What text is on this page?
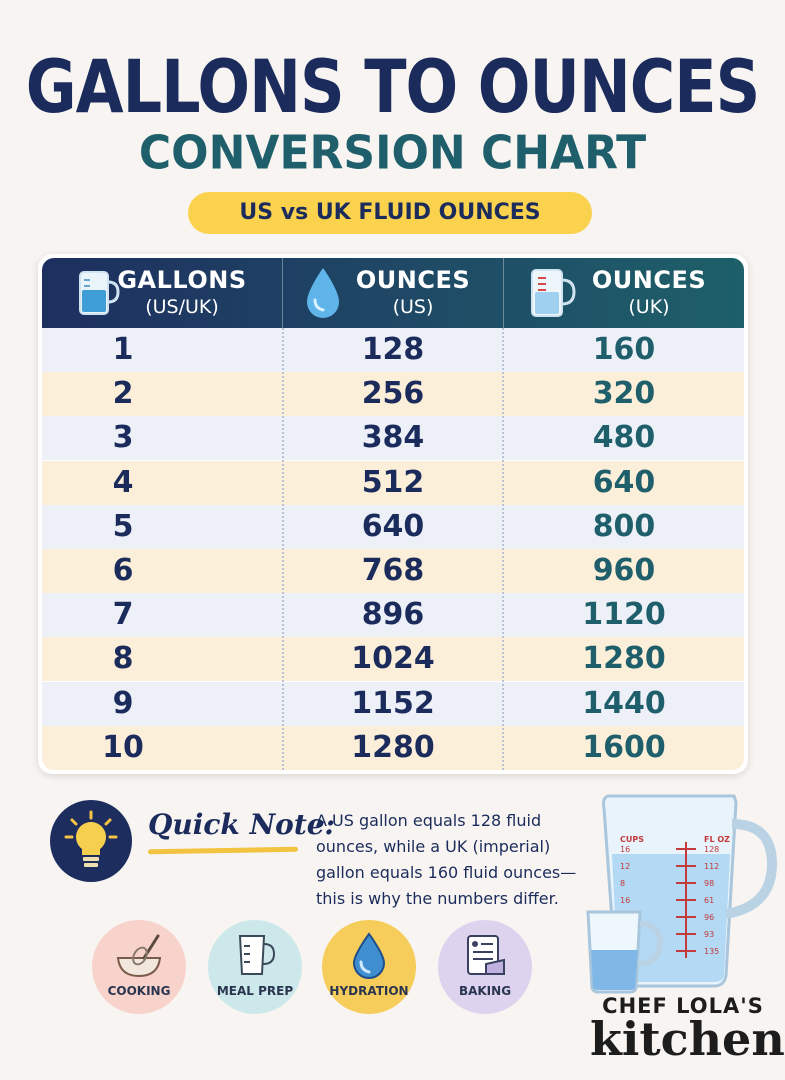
GALLONS TO OUNCES
CONVERSION CHART
US vs UK FLUID OUNCES
GALLONS
(US/UK)
OUNCES
(US)
OUNCES
(UK)
1	128	160
2	256	320
3	384	480
4	512	640
5	640	800
6	768	960
7	896	1120
8	1024	1280
9	1152	1440
10	1280	1600
Quick Note:
A US gallon equals 128 fluid ounces, while a UK (imperial) gallon equals 160 fluid ounces—this is why the numbers differ.
COOKING	MEAL PREP	HYDRATION	BAKING
CUPS	FL OZ
128
112
98
61
96
93
135
16
12
8
16
CHEF LOLA'S
kitchen
